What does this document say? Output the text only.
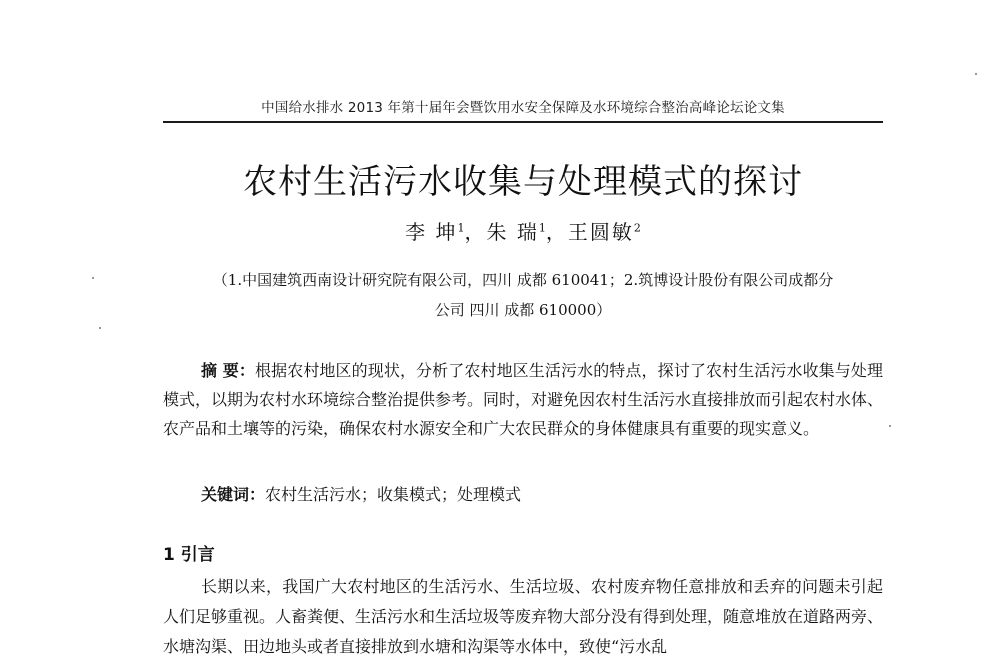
中国给水排水 2013 年第十届年会暨饮用水安全保障及水环境综合整治高峰论坛论文集
农村生活污水收集与处理模式的探讨
李 坤$^1$，朱 瑞$^1$，王圆敏$^2$
（1.中国建筑西南设计研究院有限公司，四川 成都 610041；2.筑博设计股份有限公司成都分
公司 四川 成都 610000）
摘 要：根据农村地区的现状，分析了农村地区生活污水的特点，探讨了农村生活污水收集与处理模式，以期为农村水环境综合整治提供参考。同时，对避免因农村生活污水直接排放而引起农村水体、农产品和土壤等的污染，确保农村水源安全和广大农民群众的身体健康具有重要的现实意义。
关键词：农村生活污水；收集模式；处理模式
1 引言
长期以来，我国广大农村地区的生活污水、生活垃圾、农村废弃物任意排放和丢弃的问题未引起人们足够重视。人畜粪便、生活污水和生活垃圾等废弃物大部分没有得到处理，随意堆放在道路两旁、水塘沟渠、田边地头或者直接排放到水塘和沟渠等水体中，致使“污水乱
